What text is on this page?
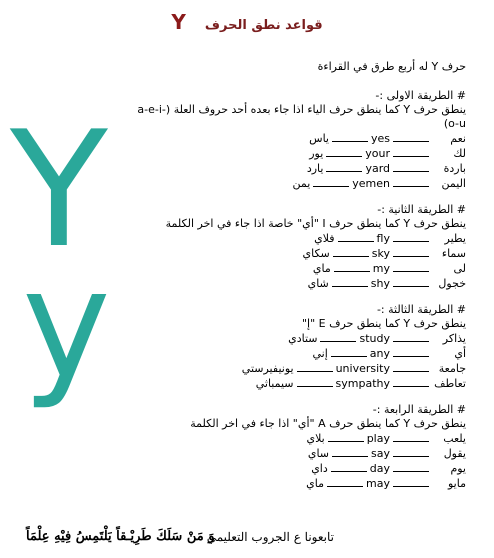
قواعد نطق الحرف Y
Y
y
حرف Y له أربع طرق في القراءة
# الطريقة الاولى :-
ينطق حرف Y كما ينطق حرف الياء اذا جاء بعده أحد حروف العلة (a-e-i-o-u)
نعم
yes
ياس
لك
your
يور
باردة
yard
يارد
اليمن
yemen
يمن
# الطريقة الثانية :-
ينطق حرف Y كما ينطق حرف I "أي" خاصة اذا جاء في اخر الكلمة
يطير
fly
فلاي
سماء
sky
سكاي
لى
my
ماي
خجول
shy
شاي
# الطريقة الثالثة :-
ينطق حرف Y كما ينطق حرف E "إ"
يذاكر
study
ستادي
أي
any
إني
جامعة
university
يونيفيرستي
تعاطف
sympathy
سيمباثي
# الطريقة الرابعة :-
ينطق حرف Y كما ينطق حرف A "أي" اذا جاء في اخر الكلمة
يلعب
play
بلاي
يقول
say
ساي
يوم
day
داي
مايو
may
ماي
وَ مَنْ سَلَكَ طَرِيْـقاً يَلْتَمِسُ فِيْهِ عِلْمَاً
تابعونا ع الجروب التعليمي
